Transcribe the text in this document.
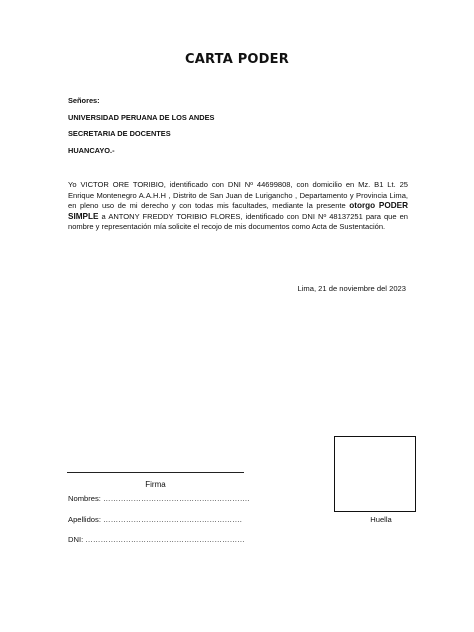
CARTA PODER
Señores:
UNIVERSIDAD PERUANA DE LOS ANDES
SECRETARIA DE DOCENTES
HUANCAYO.-
Yo VICTOR ORE TORIBIO, identificado con DNI Nº 44699808, con domicilio en Mz. B1 Lt. 25 Enrique Montenegro A.A.H.H , Distrito de San Juan de Lurigancho , Departamento y Provincia Lima, en pleno uso de mi derecho y con todas mis facultades, mediante la presente otorgo PODER SIMPLE a ANTONY FREDDY TORIBIO FLORES, identificado con DNI Nº 48137251 para que en nombre y representación mía solicite el recojo de mis documentos como Acta de Sustentación.
Lima, 21 de noviembre del 2023
Firma
Nombres: ………………………………………………….
Apellidos: ……………………………………………….
DNI: ………………………………………………………
Huella
